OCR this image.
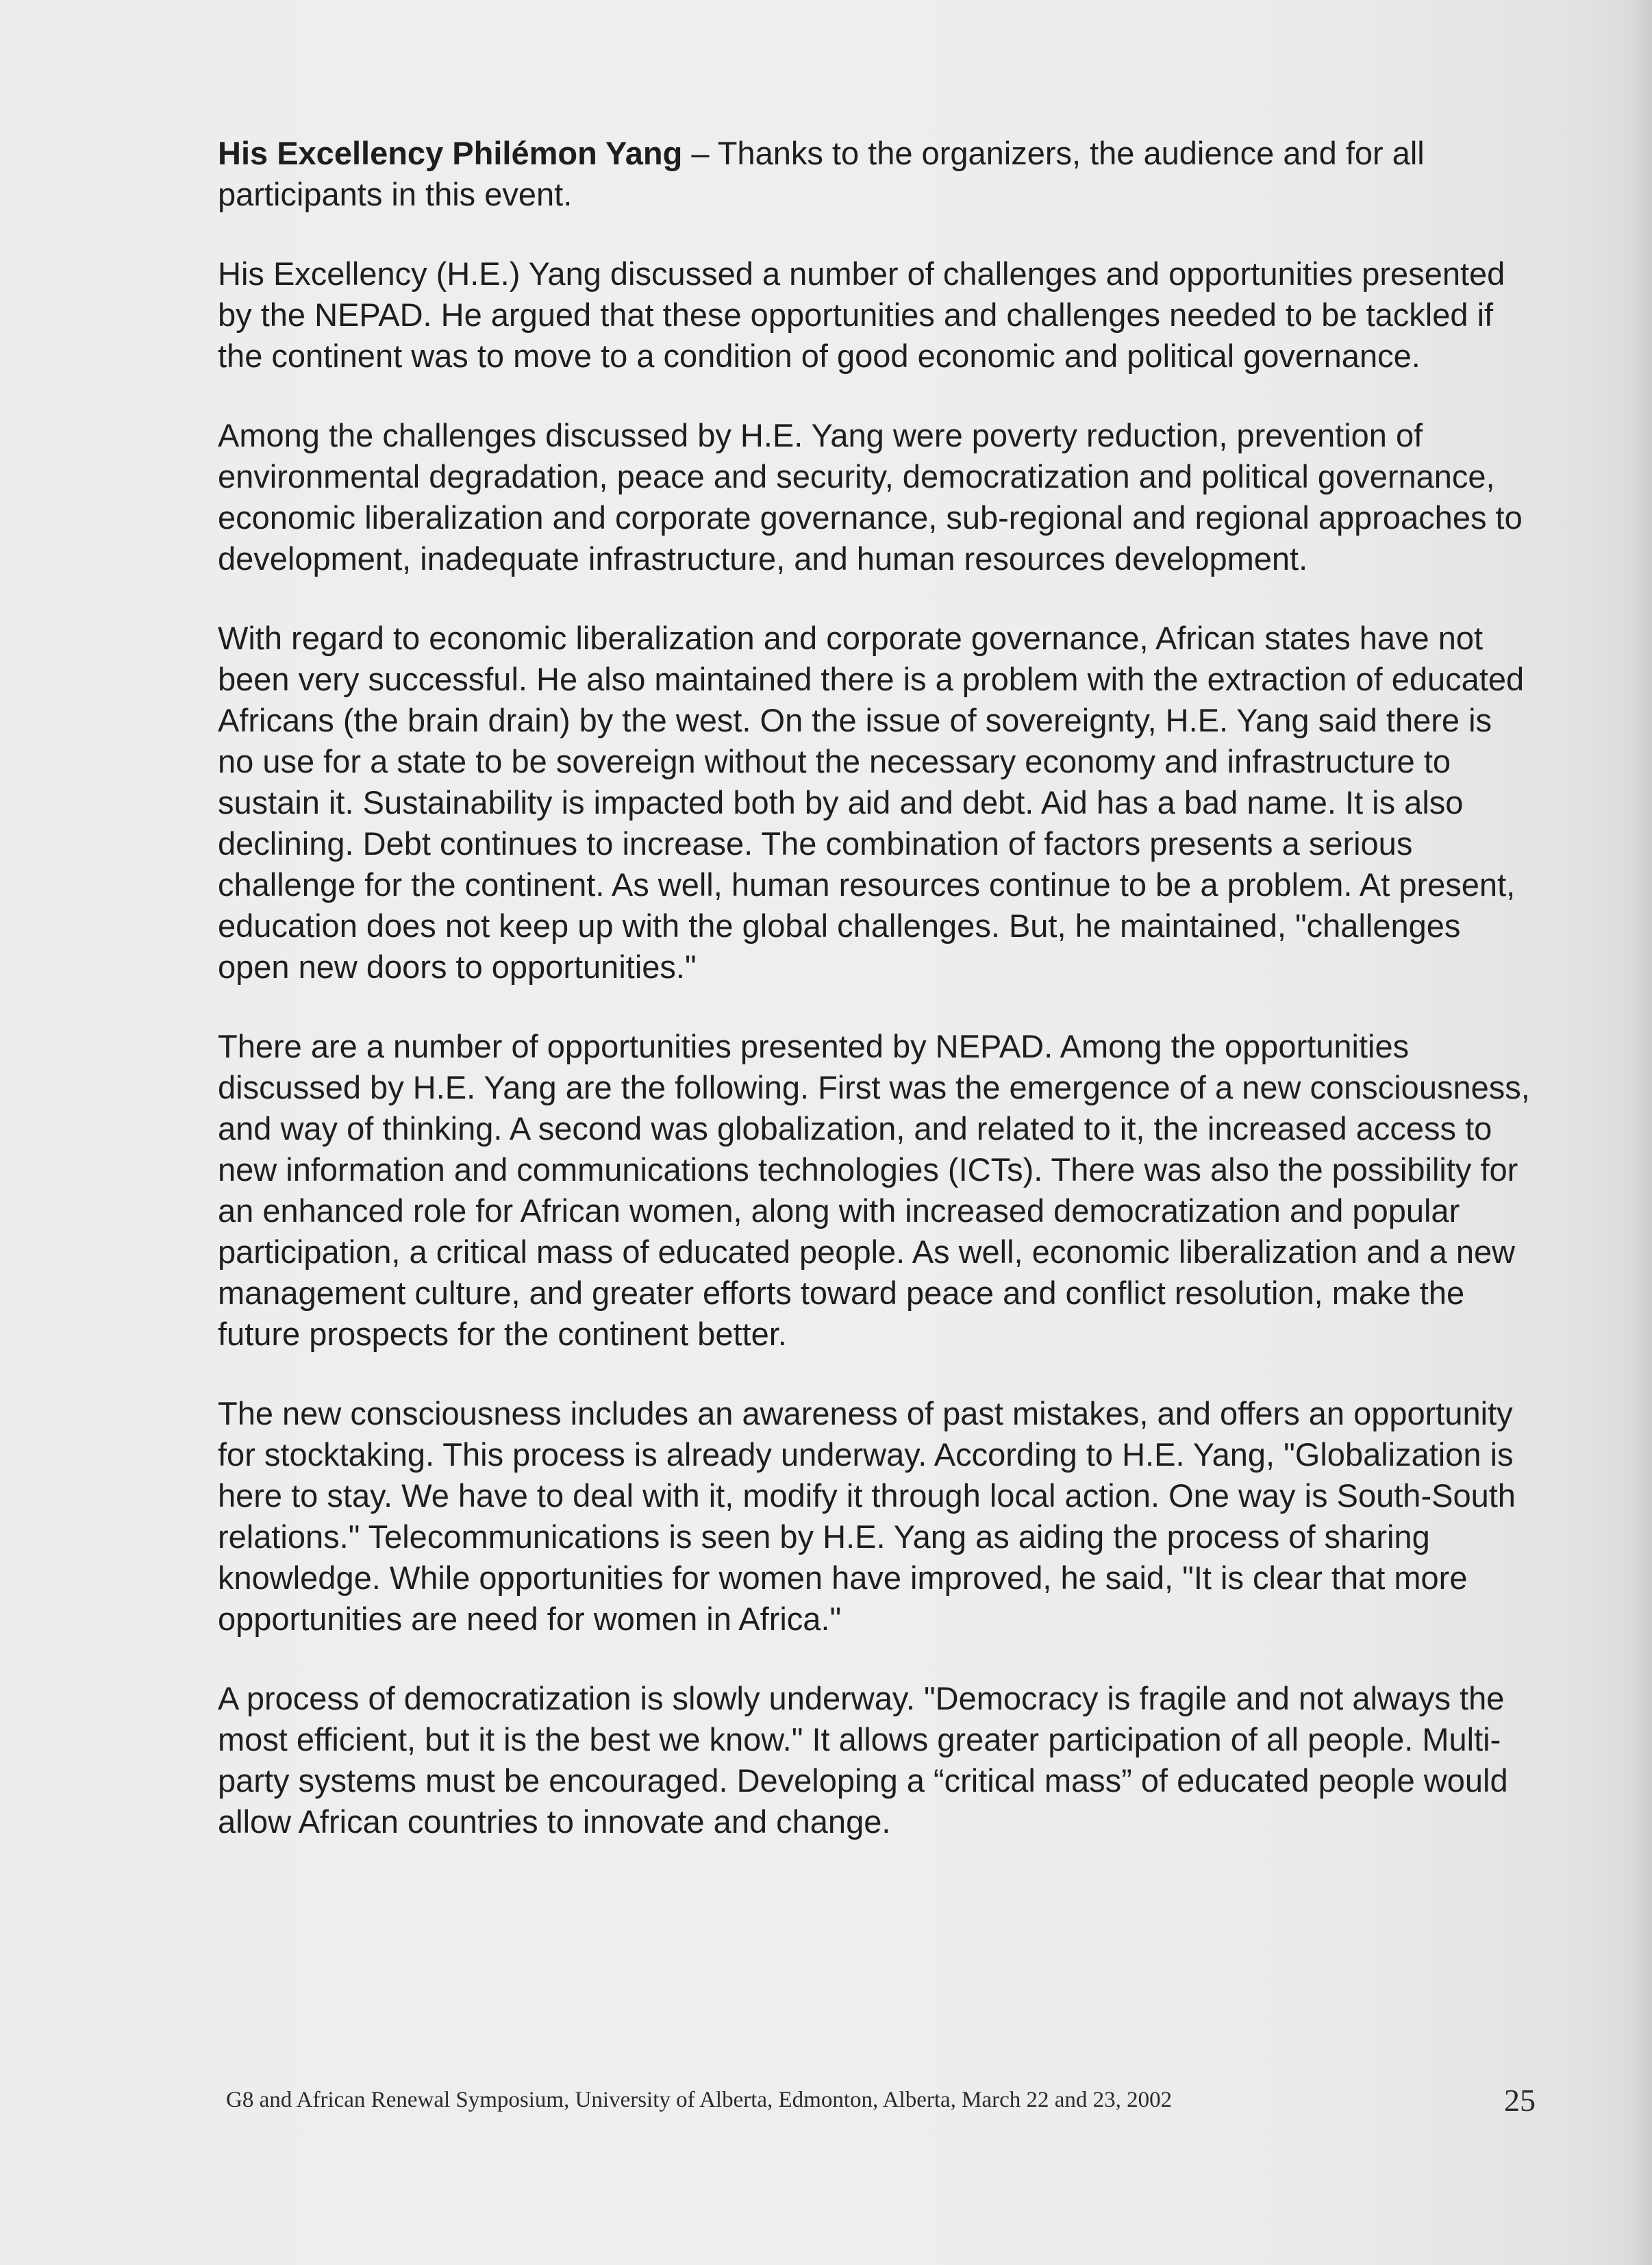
His Excellency Philémon Yang – Thanks to the organizers, the audience and for all participants in this event.

His Excellency (H.E.) Yang discussed a number of challenges and opportunities presented by the NEPAD. He argued that these opportunities and challenges needed to be tackled if the continent was to move to a condition of good economic and political governance.

Among the challenges discussed by H.E. Yang were poverty reduction, prevention of environmental degradation, peace and security, democratization and political governance, economic liberalization and corporate governance, sub-regional and regional approaches to development, inadequate infrastructure, and human resources development.

With regard to economic liberalization and corporate governance, African states have not been very successful. He also maintained there is a problem with the extraction of educated Africans (the brain drain) by the west. On the issue of sovereignty, H.E. Yang said there is no use for a state to be sovereign without the necessary economy and infrastructure to sustain it. Sustainability is impacted both by aid and debt. Aid has a bad name. It is also declining. Debt continues to increase. The combination of factors presents a serious challenge for the continent. As well, human resources continue to be a problem. At present, education does not keep up with the global challenges. But, he maintained, "challenges open new doors to opportunities."

There are a number of opportunities presented by NEPAD. Among the opportunities discussed by H.E. Yang are the following. First was the emergence of a new consciousness, and way of thinking. A second was globalization, and related to it, the increased access to new information and communications technologies (ICTs). There was also the possibility for an enhanced role for African women, along with increased democratization and popular participation, a critical mass of educated people. As well, economic liberalization and a new management culture, and greater efforts toward peace and conflict resolution, make the future prospects for the continent better.

The new consciousness includes an awareness of past mistakes, and offers an opportunity for stocktaking. This process is already underway. According to H.E. Yang, "Globalization is here to stay. We have to deal with it, modify it through local action. One way is South-South relations." Telecommunications is seen by H.E. Yang as aiding the process of sharing knowledge. While opportunities for women have improved, he said, "It is clear that more opportunities are need for women in Africa."

A process of democratization is slowly underway. "Democracy is fragile and not always the most efficient, but it is the best we know." It allows greater participation of all people. Multi-party systems must be encouraged. Developing a “critical mass” of educated people would allow African countries to innovate and change.

G8 and African Renewal Symposium, University of Alberta, Edmonton, Alberta, March 22 and 23, 2002	25
